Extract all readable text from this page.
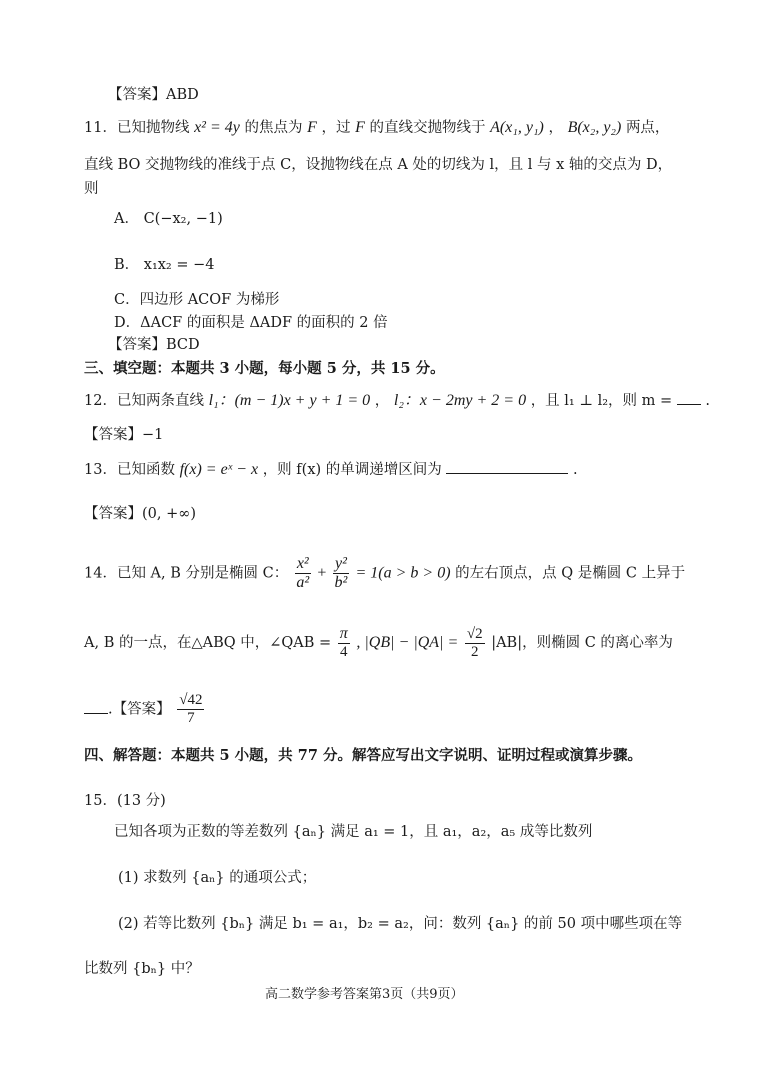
【答案】ABD
11．已知抛物线 x² = 4y 的焦点为 F ，过 F 的直线交抛物线于 A(x₁, y₁) ， B(x₂, y₂) 两点，
直线 BO 交抛物线的准线于点 C，设抛物线在点 A 处的切线为 l，且 l 与 x 轴的交点为 D，
则
A． C(−x₂, −1)
B． x₁x₂ = −4
C．四边形 ACOF 为梯形
D．ΔACF 的面积是 ΔADF 的面积的 2 倍
【答案】BCD
三、填空题：本题共 3 小题，每小题 5 分，共 15 分。
12．已知两条直线 l₁：(m − 1)x + y + 1 = 0 ， l₂：x − 2my + 2 = 0 ，且 l₁ ⊥ l₂，则 m = .
【答案】−1
13．已知函数 f(x) = eˣ − x ，则 f(x) 的单调递增区间为	.
【答案】(0, +∞)
14．已知 A, B 分别是椭圆 C： $\frac{\text{x²}}{\text{a²}} + \frac{\text{y²}}{\text{b²}} = 1(a > b > 0)$ 的左右顶点，点 Q 是椭圆 C 上异于
A, B 的一点，在△ABQ 中，∠QAB = $\frac{\pi}{4}$ , $|QB| - |QA| = \frac{√2}{2} |AB|$，则椭圆 C 的离心率为
.【答案】 $\frac{√42}{7}$
四、解答题：本题共 5 小题，共 77 分。解答应写出文字说明、证明过程或演算步骤。
15．(13 分)
已知各项为正数的等差数列 {aₙ} 满足 a₁ = 1，且 a₁，a₂，a₅ 成等比数列
(1) 求数列 {aₙ} 的通项公式；
(2) 若等比数列 {bₙ} 满足 b₁ = a₁，b₂ = a₂，问：数列 {aₙ} 的前 50 项中哪些项在等
比数列 {bₙ} 中？
高二数学参考答案第3页（共9页）
